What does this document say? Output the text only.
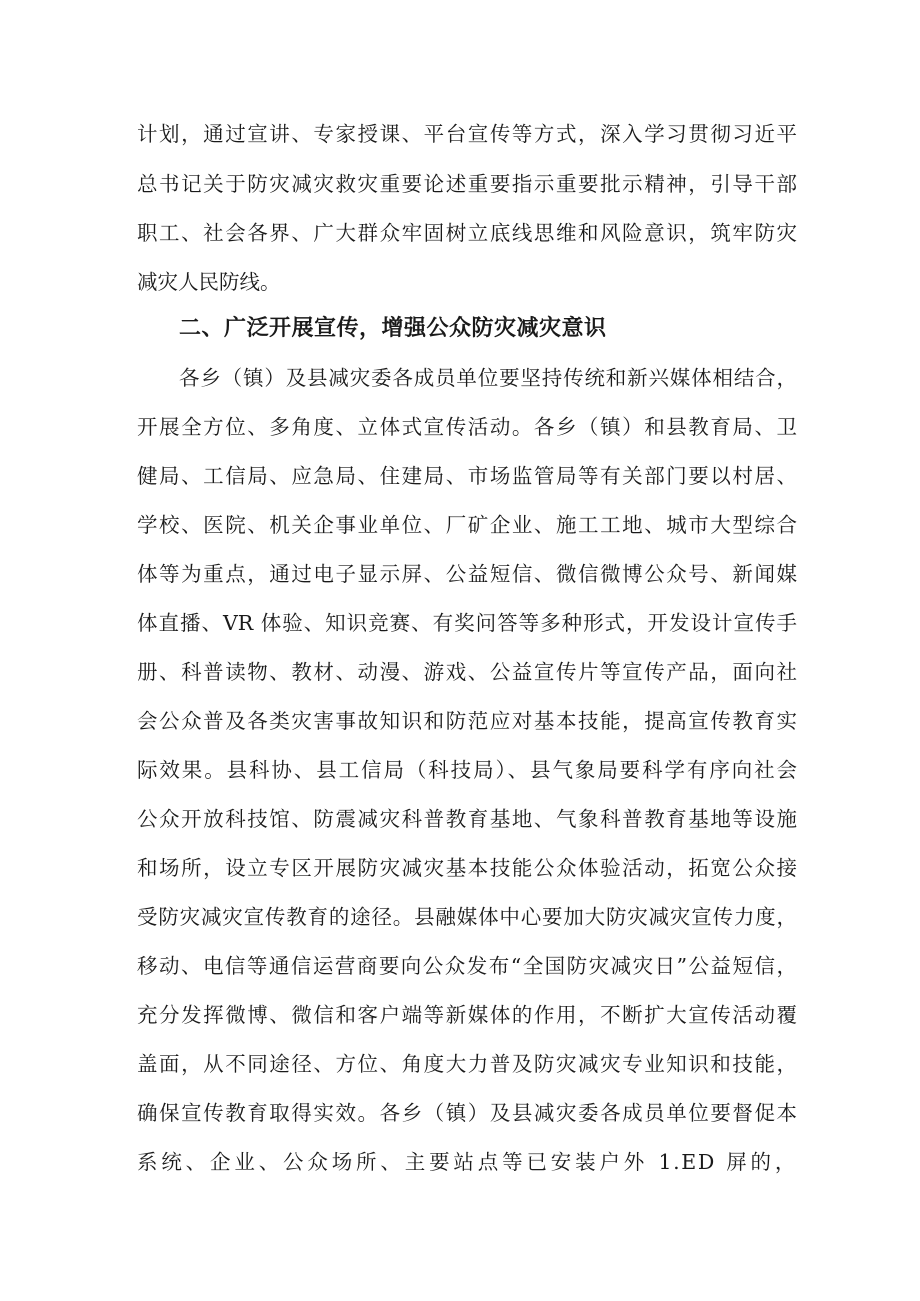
计划，通过宣讲、专家授课、平台宣传等方式，深入学习贯彻习近平
总书记关于防灾减灾救灾重要论述重要指示重要批示精神，引导干部
职工、社会各界、广大群众牢固树立底线思维和风险意识，筑牢防灾
减灾人民防线。
二、广泛开展宣传，增强公众防灾减灾意识
各乡（镇）及县减灾委各成员单位要坚持传统和新兴媒体相结合，
开展全方位、多角度、立体式宣传活动。各乡（镇）和县教育局、卫
健局、工信局、应急局、住建局、市场监管局等有关部门要以村居、
学校、医院、机关企事业单位、厂矿企业、施工工地、城市大型综合
体等为重点，通过电子显示屏、公益短信、微信微博公众号、新闻媒
体直播、VR 体验、知识竞赛、有奖问答等多种形式，开发设计宣传手
册、科普读物、教材、动漫、游戏、公益宣传片等宣传产品，面向社
会公众普及各类灾害事故知识和防范应对基本技能，提高宣传教育实
际效果。县科协、县工信局（科技局）、县气象局要科学有序向社会
公众开放科技馆、防震减灾科普教育基地、气象科普教育基地等设施
和场所，设立专区开展防灾减灾基本技能公众体验活动，拓宽公众接
受防灾减灾宣传教育的途径。县融媒体中心要加大防灾减灾宣传力度，
移动、电信等通信运营商要向公众发布“全国防灾减灾日”公益短信，
充分发挥微博、微信和客户端等新媒体的作用，不断扩大宣传活动覆
盖面，从不同途径、方位、角度大力普及防灾减灾专业知识和技能，
确保宣传教育取得实效。各乡（镇）及县减灾委各成员单位要督促本
系统、企业、公众场所、主要站点等已安装户外 1.ED 屏的，
